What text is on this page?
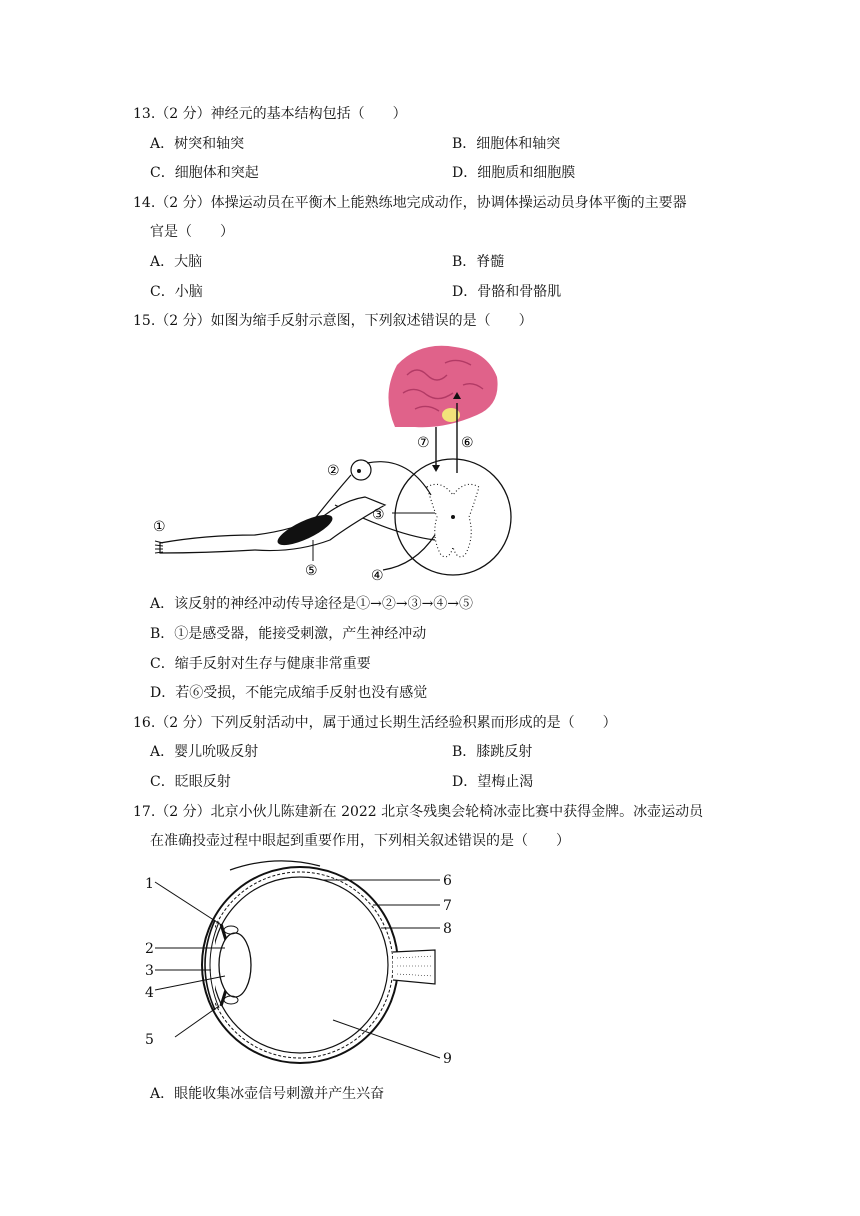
13.（2 分）神经元的基本结构包括（　　）
A．树突和轴突	B．细胞体和轴突
C．细胞体和突起	D．细胞质和细胞膜
14.（2 分）体操运动员在平衡木上能熟练地完成动作，协调体操运动员身体平衡的主要器
官是（　　）
A．大脑	B．脊髓
C．小脑	D．骨骼和骨骼肌
15.（2 分）如图为缩手反射示意图，下列叙述错误的是（　　）
⑦ ⑥
①
②
③
④
⑤
A．该反射的神经冲动传导途径是①→②→③→④→⑤
B．①是感受器，能接受刺激，产生神经冲动
C．缩手反射对生存与健康非常重要
D．若⑥受损，不能完成缩手反射也没有感觉
16.（2 分）下列反射活动中，属于通过长期生活经验积累而形成的是（　　）
A．婴儿吮吸反射	B．膝跳反射
C．眨眼反射	D．望梅止渴
17.（2 分）北京小伙儿陈建新在 2022 北京冬残奥会轮椅冰壶比赛中获得金牌。冰壶运动员
在准确投壶过程中眼起到重要作用，下列相关叙述错误的是（　　）
1
2
3
4
5
6
7
8
9
A．眼能收集冰壶信号刺激并产生兴奋
